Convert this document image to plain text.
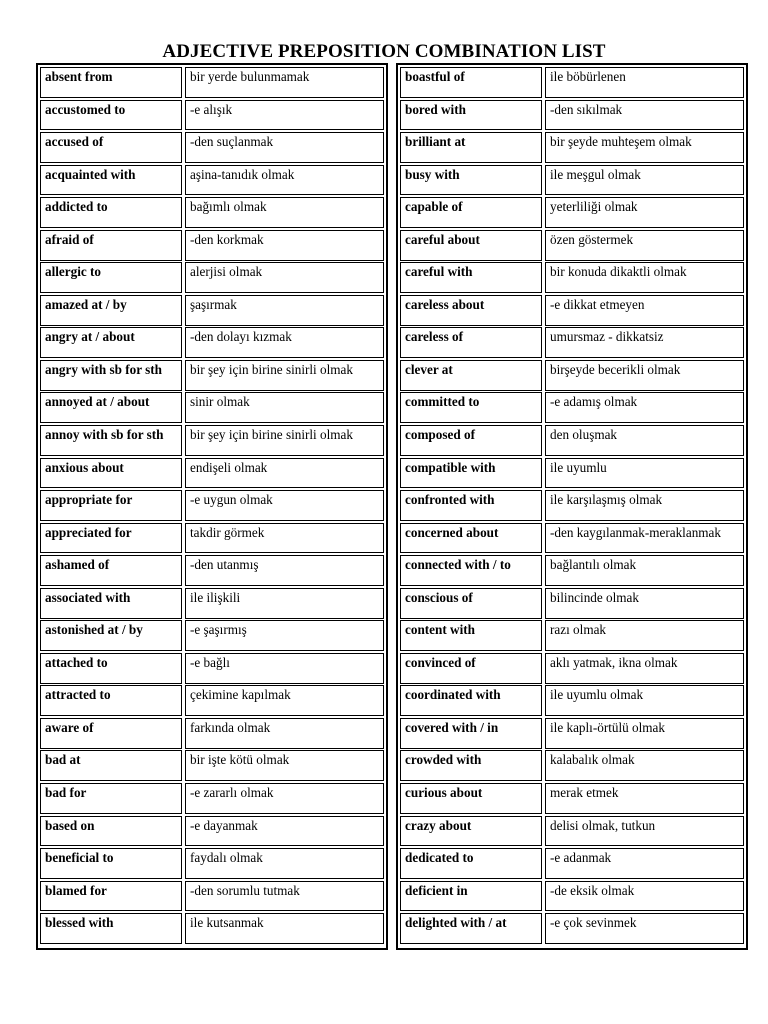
ADJECTIVE PREPOSITION COMBINATION LIST
absent from	bir yerde bulunmamak
accustomed to	-e alışık
accused of	-den suçlanmak
acquainted with	aşina-tanıdık olmak
addicted to	bağımlı olmak
afraid of	-den korkmak
allergic to	alerjisi olmak
amazed at / by	şaşırmak
angry at / about	-den dolayı kızmak
angry with sb for sth	bir şey için birine sinirli olmak
annoyed at / about	sinir olmak
annoy with sb for sth	bir şey için birine sinirli olmak
anxious about	endişeli olmak
appropriate for	-e uygun olmak
appreciated for	takdir görmek
ashamed of	-den utanmış
associated with	ile ilişkili
astonished at / by	-e şaşırmış
attached to	-e bağlı
attracted to	çekimine kapılmak
aware of	farkında olmak
bad at	bir işte kötü olmak
bad for	-e zararlı olmak
based on	-e dayanmak
beneficial to	faydalı olmak
blamed for	-den sorumlu tutmak
blessed with	ile kutsanmak
boastful of	ile böbürlenen
bored with	-den sıkılmak
brilliant at	bir şeyde muhteşem olmak
busy with	ile meşgul olmak
capable of	yeterliliği olmak
careful about	özen göstermek
careful with	bir konuda dikaktli olmak
careless about	-e dikkat etmeyen
careless of	umursmaz - dikkatsiz
clever at	birşeyde becerikli olmak
committed to	-e adamış olmak
composed of	den oluşmak
compatible with	ile uyumlu
confronted with	ile karşılaşmış olmak
concerned about	-den kaygılanmak-meraklanmak
connected with / to	bağlantılı olmak
conscious of	bilincinde olmak
content with	razı olmak
convinced of	aklı yatmak, ikna olmak
coordinated with	ile uyumlu olmak
covered with / in	ile kaplı-örtülü olmak
crowded with	kalabalık olmak
curious about	merak etmek
crazy about	delisi olmak, tutkun
dedicated to	-e adanmak
deficient in	-de eksik olmak
delighted with / at	-e çok sevinmek
